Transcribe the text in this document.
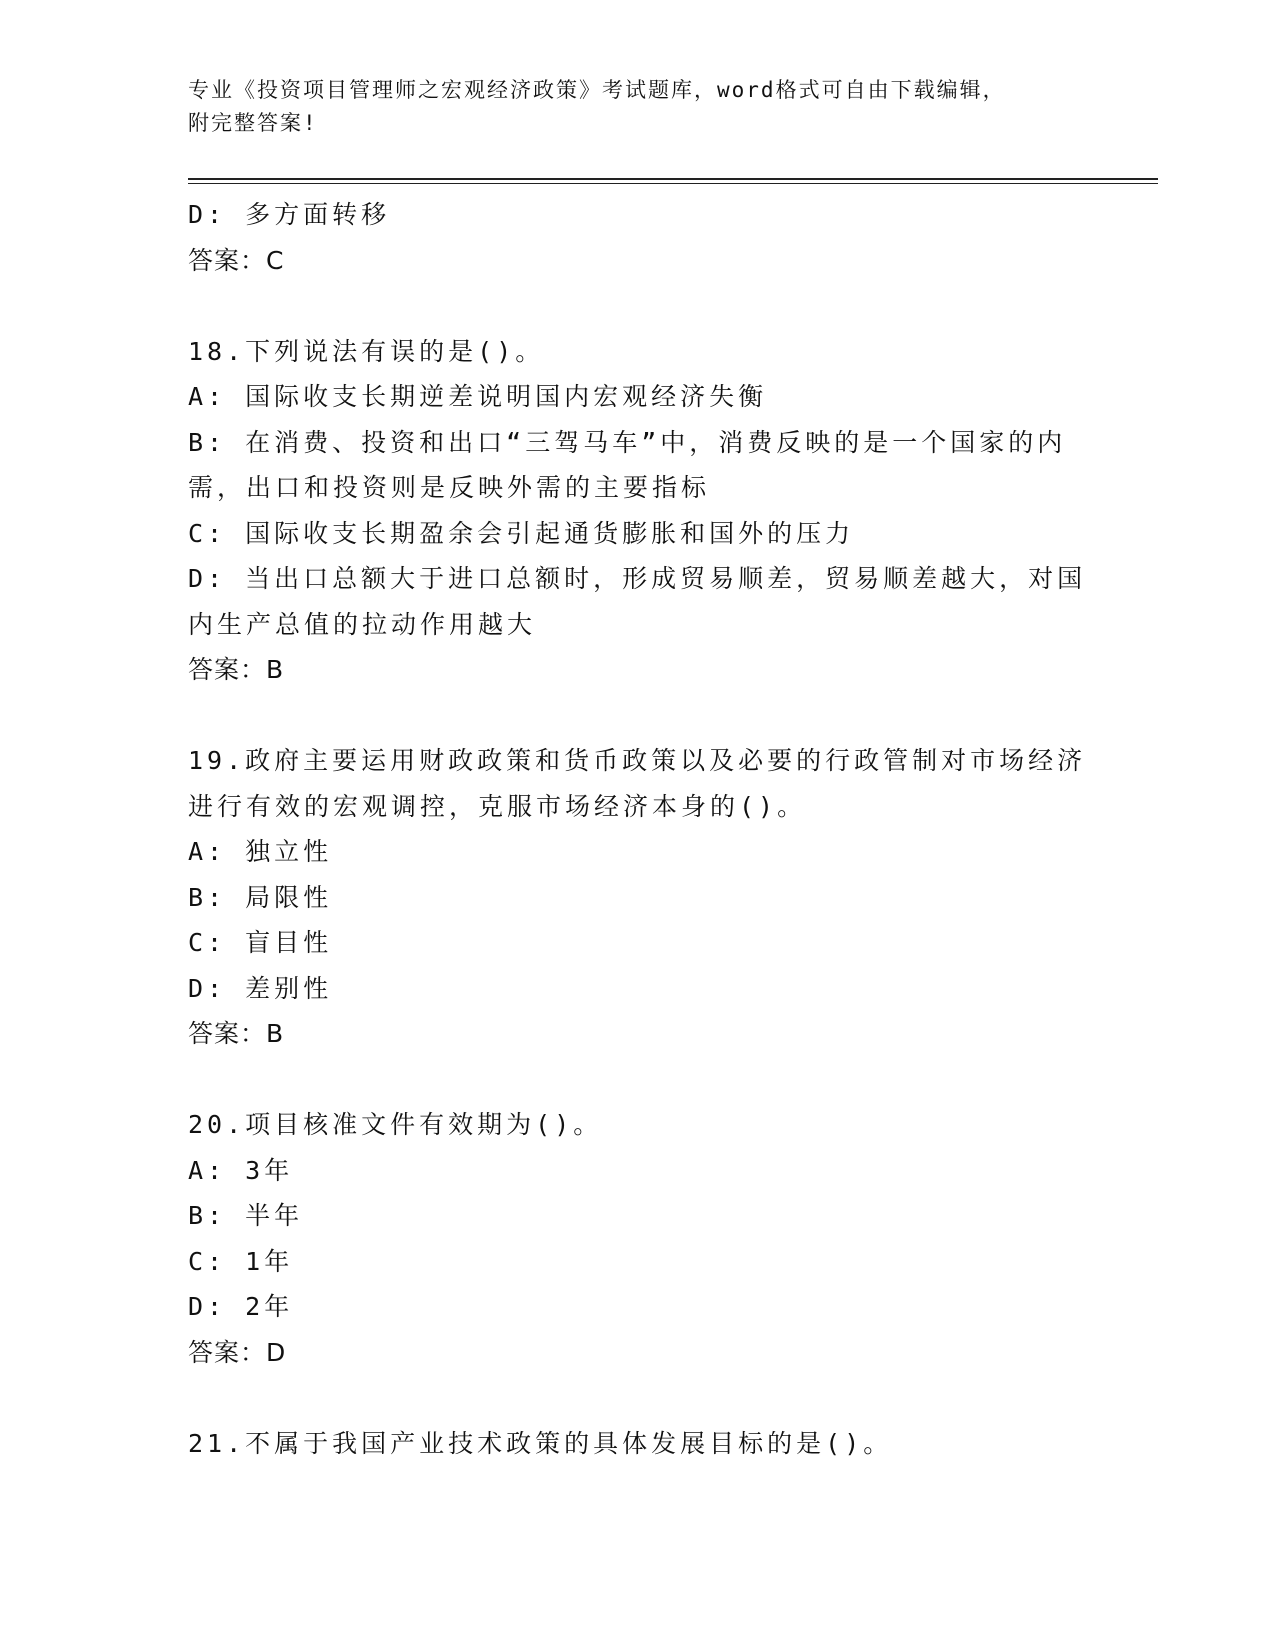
专业《投资项目管理师之宏观经济政策》考试题库，word格式可自由下载编辑，
附完整答案!
D: 多方面转移
答案：C
18.下列说法有误的是()。
A: 国际收支长期逆差说明国内宏观经济失衡
B: 在消费、投资和出口“三驾马车”中，消费反映的是一个国家的内
需，出口和投资则是反映外需的主要指标
C: 国际收支长期盈余会引起通货膨胀和国外的压力
D: 当出口总额大于进口总额时，形成贸易顺差，贸易顺差越大，对国
内生产总值的拉动作用越大
答案：B
19.政府主要运用财政政策和货币政策以及必要的行政管制对市场经济
进行有效的宏观调控，克服市场经济本身的()。
A: 独立性
B: 局限性
C: 盲目性
D: 差别性
答案：B
20.项目核准文件有效期为()。
A: 3年
B: 半年
C: 1年
D: 2年
答案：D
21.不属于我国产业技术政策的具体发展目标的是()。
